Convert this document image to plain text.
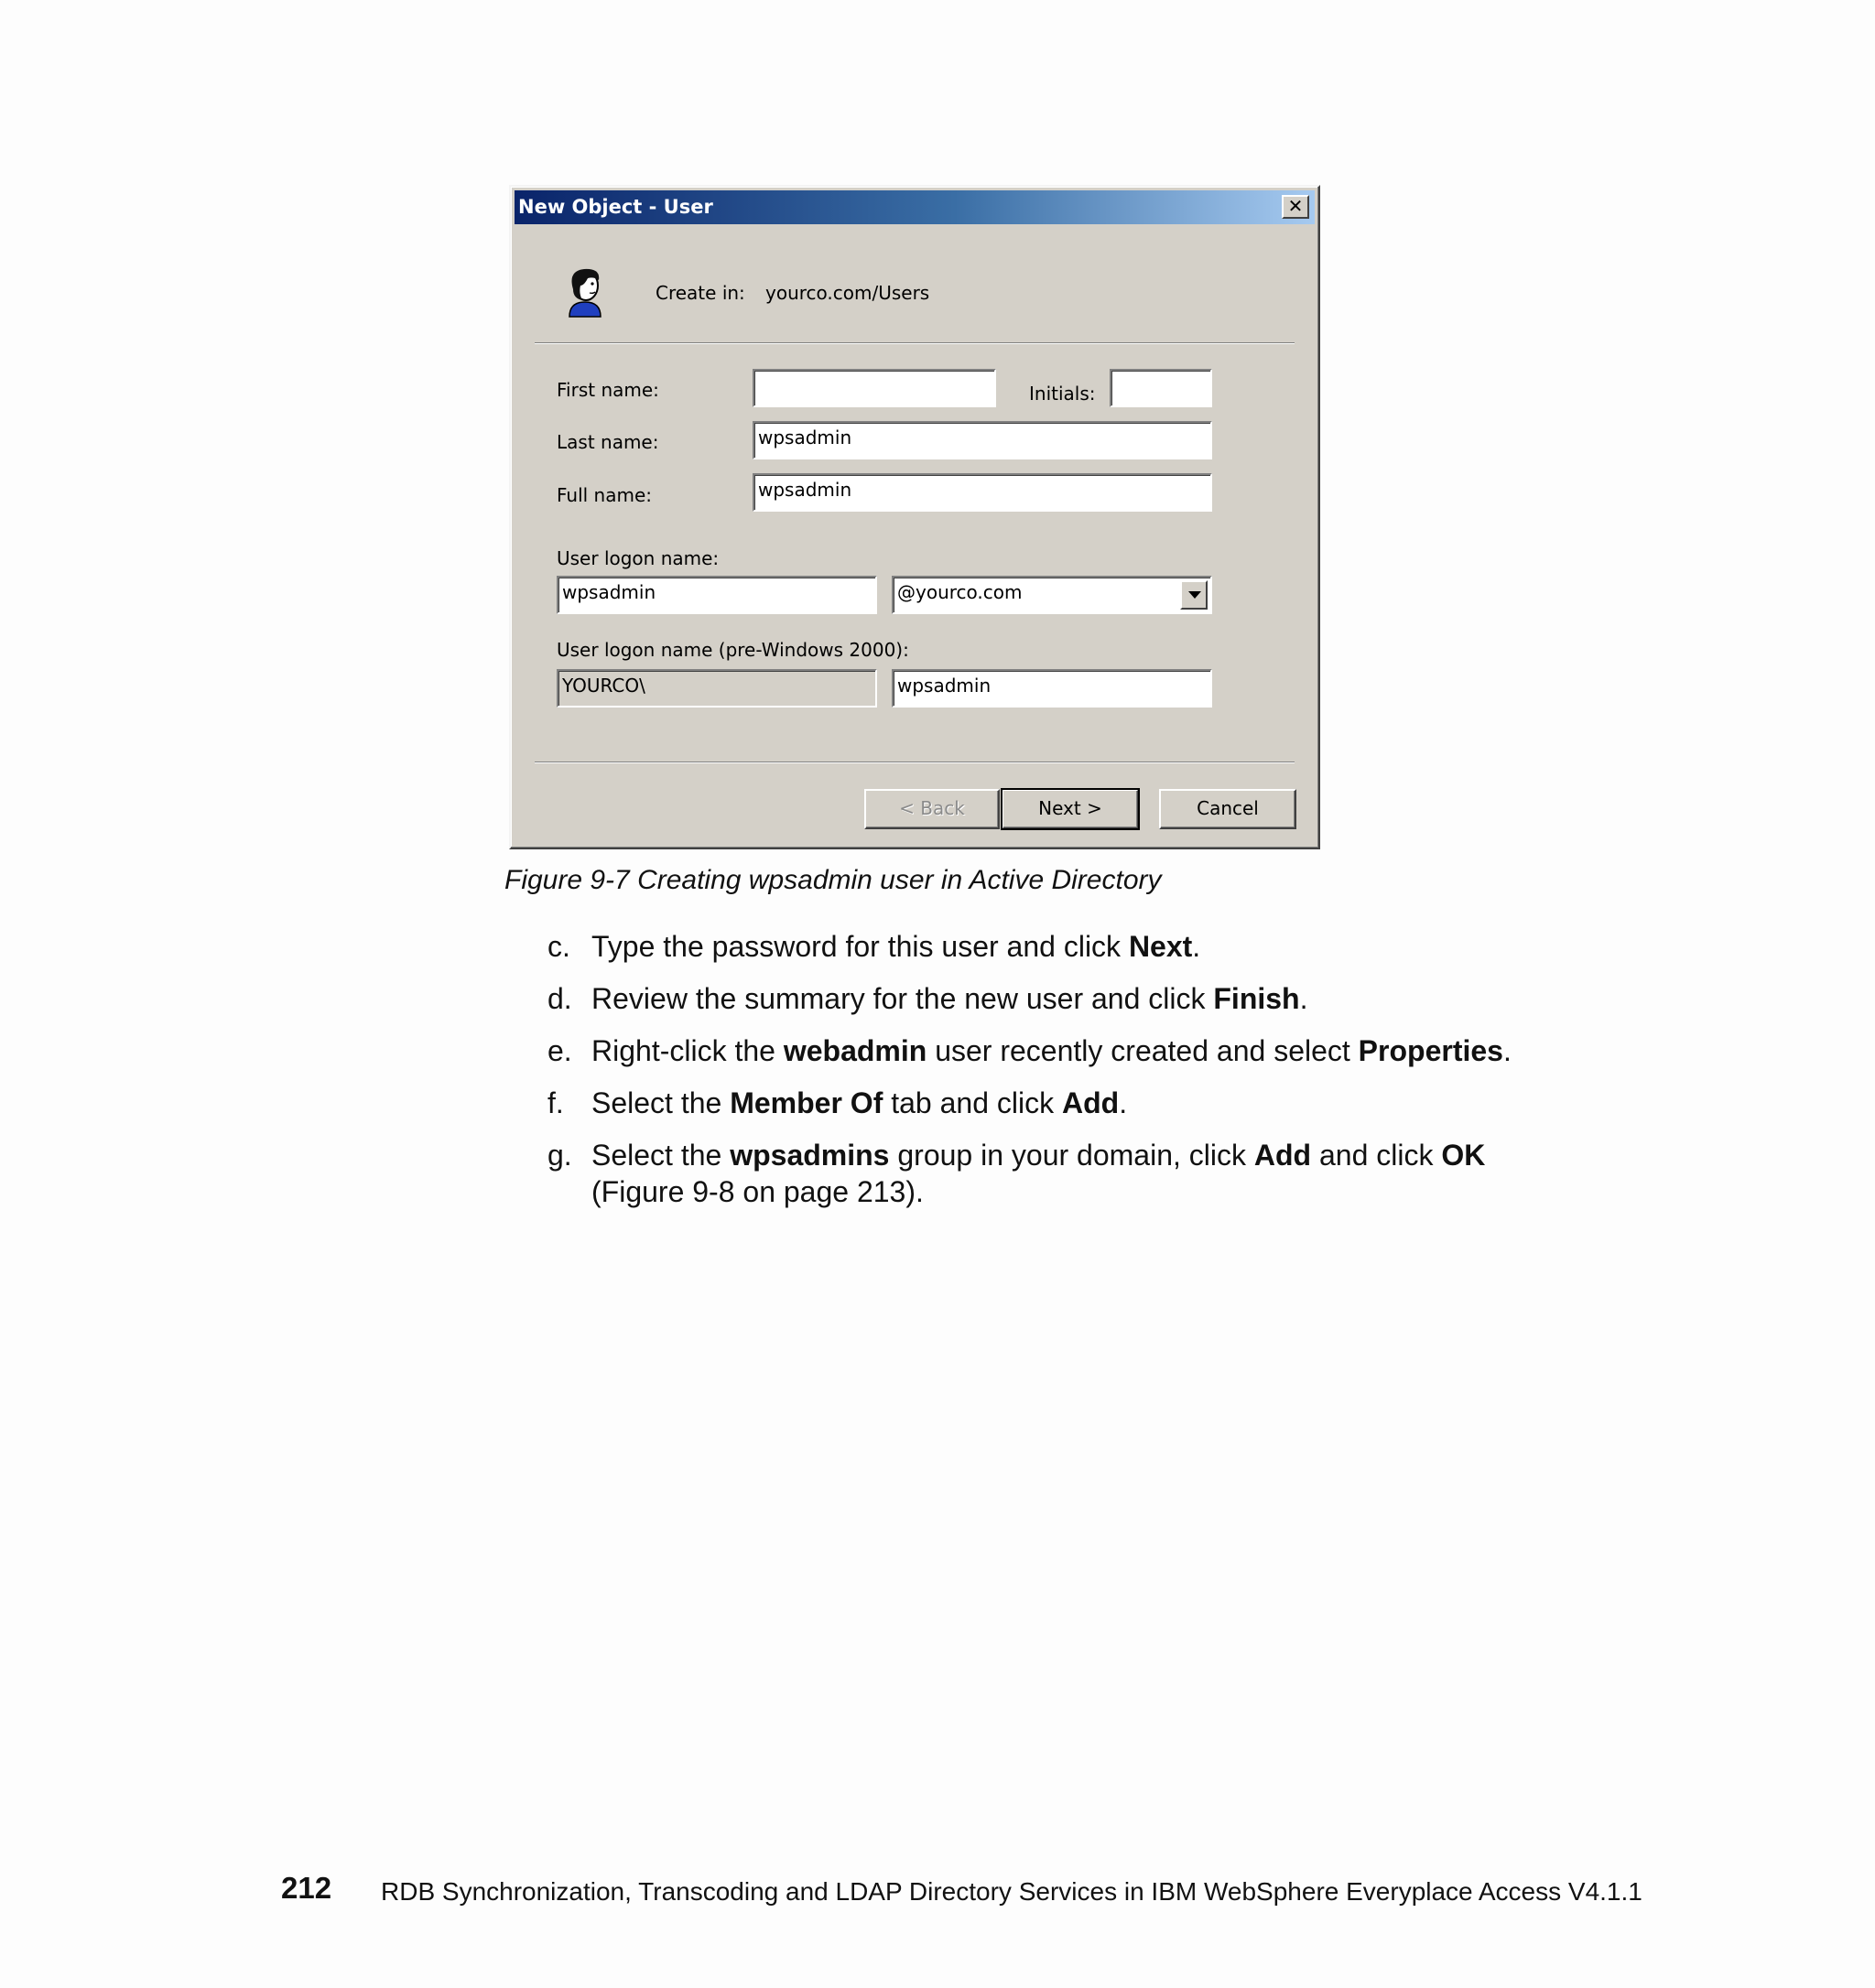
New Object - User	✕
Create in: yourco.com/Users
First name:	Initials:
Last name:	wpsadmin
Full name:	wpsadmin
User logon name:
wpsadmin	@yourco.com
User logon name (pre-Windows 2000):
YOURCO\	wpsadmin
< Back	Next >	Cancel
Figure 9-7 Creating wpsadmin user in Active Directory
c. Type the password for this user and click Next.
d. Review the summary for the new user and click Finish.
e. Right-click the webadmin user recently created and select Properties.
f. Select the Member Of tab and click Add.
g. Select the wpsadmins group in your domain, click Add and click OK
(Figure 9-8 on page 213).
212 RDB Synchronization, Transcoding and LDAP Directory Services in IBM WebSphere Everyplace Access V4.1.1
